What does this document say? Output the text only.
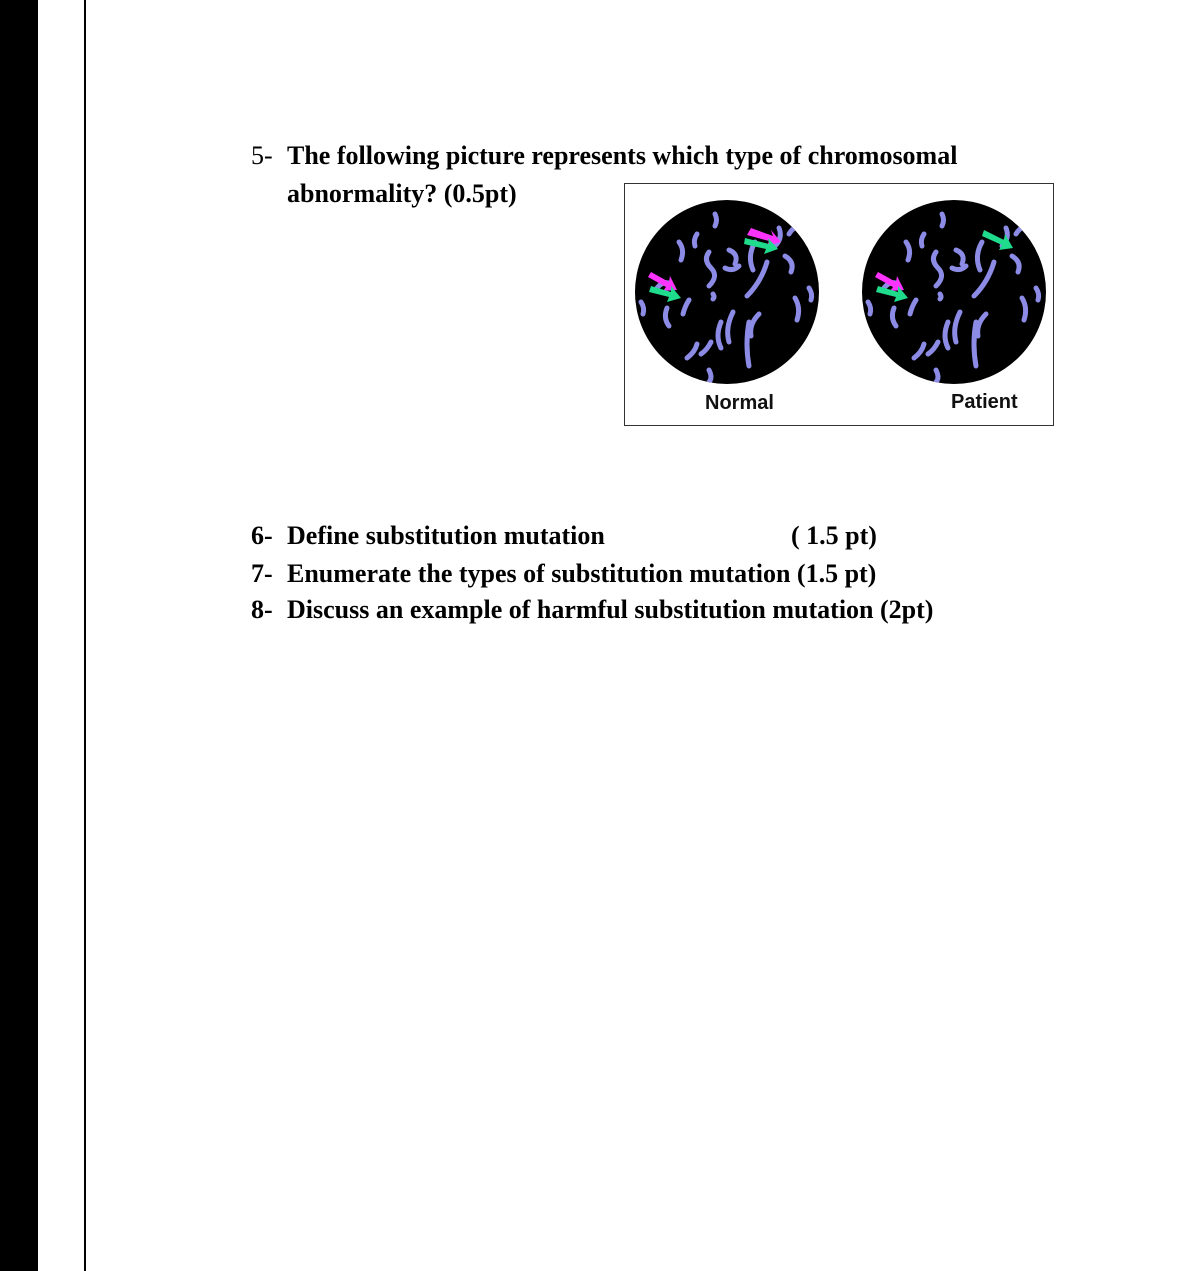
5- The following picture represents which type of chromosomal
abnormality? (0.5pt)
Normal	Patient
6- Define substitution mutation	( 1.5 pt)
7- Enumerate the types of substitution mutation (1.5 pt)
8- Discuss an example of harmful substitution mutation (2pt)
